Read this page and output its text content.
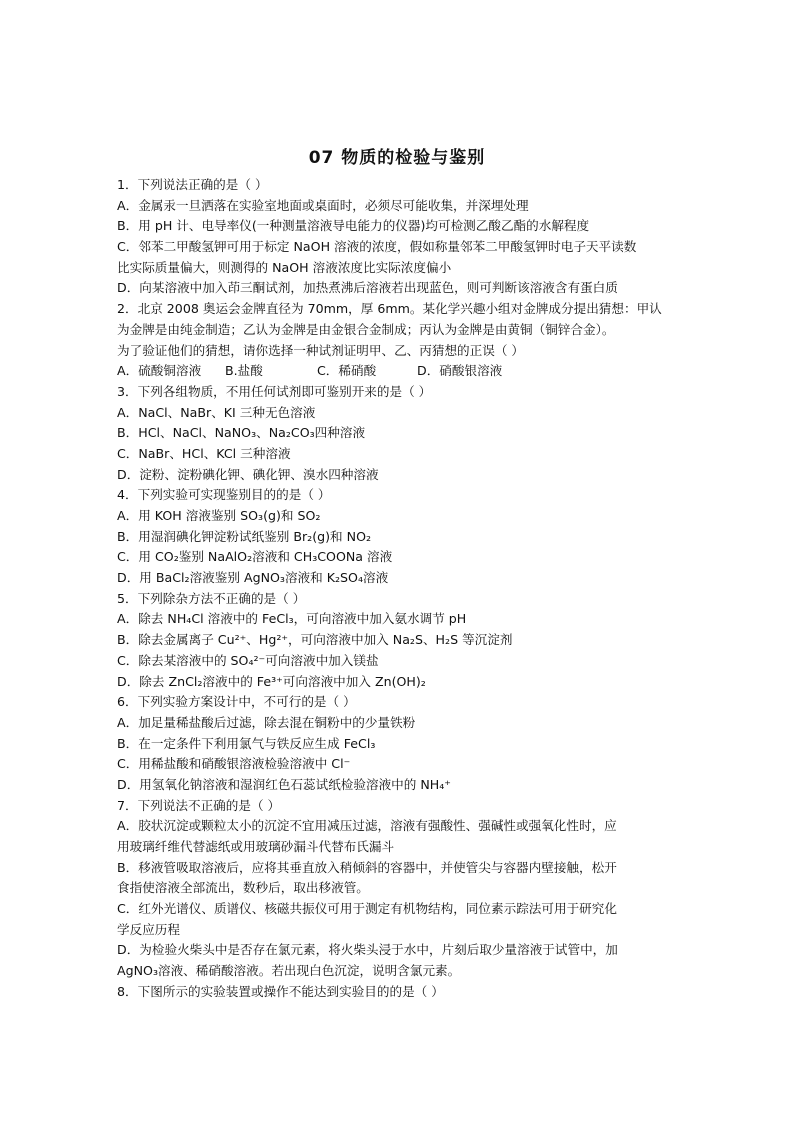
07 物质的检验与鉴别
1．下列说法正确的是（ ）
A．金属汞一旦洒落在实验室地面或桌面时，必须尽可能收集，并深埋处理
B．用 pH 计、电导率仪(一种测量溶液导电能力的仪器)均可检测乙酸乙酯的水解程度
C．邻苯二甲酸氢钾可用于标定 NaOH 溶液的浓度，假如称量邻苯二甲酸氢钾时电子天平读数
比实际质量偏大，则测得的 NaOH 溶液浓度比实际浓度偏小
D．向某溶液中加入茚三酮试剂，加热煮沸后溶液若出现蓝色，则可判断该溶液含有蛋白质
2．北京 2008 奥运会金牌直径为 70mm，厚 6mm。某化学兴趣小组对金牌成分提出猜想：甲认
为金牌是由纯金制造；乙认为金牌是由金银合金制成；丙认为金牌是由黄铜（铜锌合金）。
为了验证他们的猜想，请你选择一种试剂证明甲、乙、丙猜想的正误（ ）
A．硫酸铜溶液 B.盐酸	C．稀硝酸	D．硝酸银溶液
3．下列各组物质，不用任何试剂即可鉴别开来的是（ ）
A．NaCl、NaBr、KI 三种无色溶液
B．HCl、NaCl、NaNO₃、Na₂CO₃四种溶液
C．NaBr、HCl、KCl 三种溶液
D．淀粉、淀粉碘化钾、碘化钾、溴水四种溶液
4．下列实验可实现鉴别目的的是（ ）
A．用 KOH 溶液鉴别 SO₃(g)和 SO₂
B．用湿润碘化钾淀粉试纸鉴别 Br₂(g)和 NO₂
C．用 CO₂鉴别 NaAlO₂溶液和 CH₃COONa 溶液
D．用 BaCl₂溶液鉴别 AgNO₃溶液和 K₂SO₄溶液
5．下列除杂方法不正确的是（ ）
A．除去 NH₄Cl 溶液中的 FeCl₃，可向溶液中加入氨水调节 pH
B．除去金属离子 Cu²⁺、Hg²⁺，可向溶液中加入 Na₂S、H₂S 等沉淀剂
C．除去某溶液中的 SO₄²⁻可向溶液中加入镁盐
D．除去 ZnCl₂溶液中的 Fe³⁺可向溶液中加入 Zn(OH)₂
6．下列实验方案设计中，不可行的是（ ）
A．加足量稀盐酸后过滤，除去混在铜粉中的少量铁粉
B．在一定条件下利用氯气与铁反应生成 FeCl₃
C．用稀盐酸和硝酸银溶液检验溶液中 Cl⁻
D．用氢氧化钠溶液和湿润红色石蕊试纸检验溶液中的 NH₄⁺
7．下列说法不正确的是（ ）
A．胶状沉淀或颗粒太小的沉淀不宜用减压过滤，溶液有强酸性、强碱性或强氧化性时，应
用玻璃纤维代替滤纸或用玻璃砂漏斗代替布氏漏斗
B．移液管吸取溶液后，应将其垂直放入稍倾斜的容器中，并使管尖与容器内壁接触，松开
食指使溶液全部流出，数秒后，取出移液管。
C．红外光谱仪、质谱仪、核磁共振仪可用于测定有机物结构，同位素示踪法可用于研究化
学反应历程
D．为检验火柴头中是否存在氯元素，将火柴头浸于水中，片刻后取少量溶液于试管中，加
AgNO₃溶液、稀硝酸溶液。若出现白色沉淀，说明含氯元素。
8．下图所示的实验装置或操作不能达到实验目的的是（ ）
